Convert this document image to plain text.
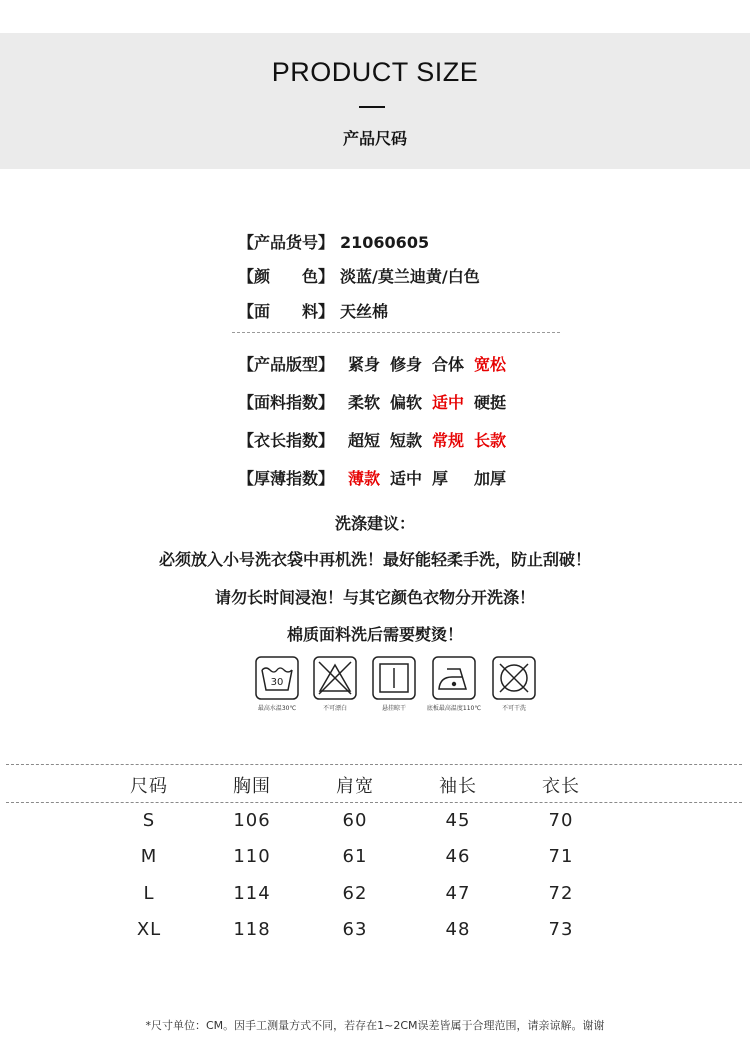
PRODUCT SIZE
产品尺码
【产品货号】 21060605
【颜　　色】 淡蓝/莫兰迪黄/白色
【面　　料】 天丝棉
【产品版型】 紧身 修身 合体 宽松
【面料指数】 柔软 偏软 适中 硬挺
【衣长指数】 超短 短款 常规 长款
【厚薄指数】 薄款 适中 厚　加厚
洗涤建议：
必须放入小号洗衣袋中再机洗！最好能轻柔手洗，防止刮破！
请勿长时间浸泡！与其它颜色衣物分开洗涤！
棉质面料洗后需要熨烫！
30
最高水温30℃	不可漂白	悬挂晾干	底板最高温度110℃	不可干洗
尺码	胸围	肩宽	袖长	衣长
S	106	60	45	70
M	110	61	46	71
L	114	62	47	72
XL	118	63	48	73
*尺寸单位：CM。因手工测量方式不同，若存在1~2CM误差皆属于合理范围，请亲谅解。谢谢
